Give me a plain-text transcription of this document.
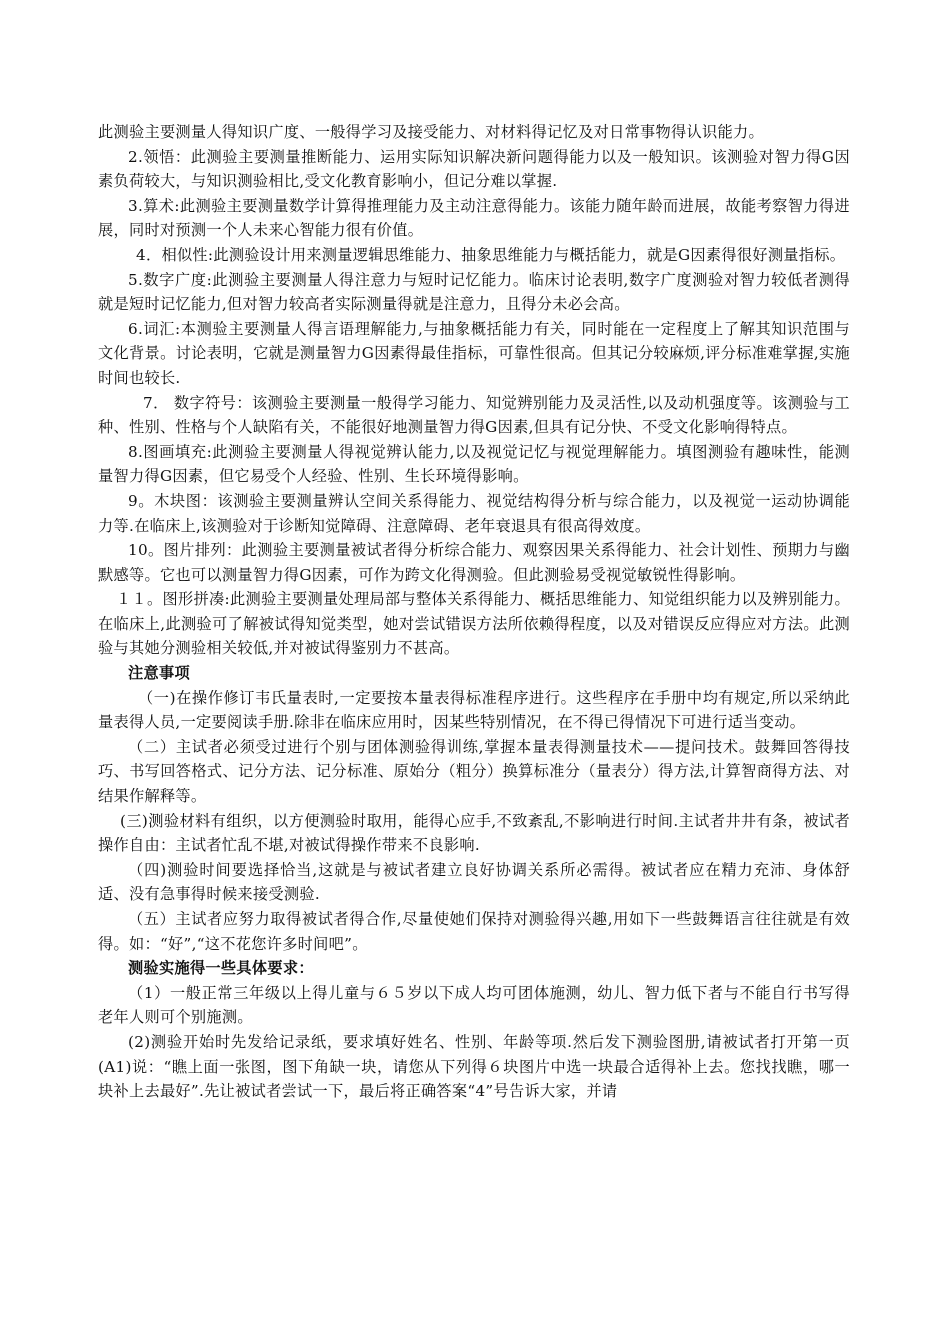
此测验主要测量人得知识广度、一般得学习及接受能力、对材料得记忆及对日常事物得认识能力。

2.领悟：此测验主要测量推断能力、运用实际知识解决新问题得能力以及一般知识。该测验对智力得G因素负荷较大，与知识测验相比,受文化教育影响小，但记分难以掌握.

3.算术:此测验主要测量数学计算得推理能力及主动注意得能力。该能力随年龄而进展，故能考察智力得进展，同时对预测一个人未来心智能力很有价值。

4．相似性:此测验设计用来测量逻辑思维能力、抽象思维能力与概括能力，就是G因素得很好测量指标。

5.数字广度:此测验主要测量人得注意力与短时记忆能力。临床讨论表明,数字广度测验对智力较低者测得就是短时记忆能力,但对智力较高者实际测量得就是注意力，且得分未必会高。

6.词汇:本测验主要测量人得言语理解能力,与抽象概括能力有关，同时能在一定程度上了解其知识范围与文化背景。讨论表明，它就是测量智力G因素得最佳指标，可靠性很高。但其记分较麻烦,评分标准难掌握,实施时间也较长.

7． 数字符号：该测验主要测量一般得学习能力、知觉辨别能力及灵活性,以及动机强度等。该测验与工种、性别、性格与个人缺陷有关，不能很好地测量智力得G因素,但具有记分快、不受文化影响得特点。

8.图画填充:此测验主要测量人得视觉辨认能力,以及视觉记忆与视觉理解能力。填图测验有趣味性，能测量智力得G因素，但它易受个人经验、性别、生长环境得影响。

9。木块图：该测验主要测量辨认空间关系得能力、视觉结构得分析与综合能力，以及视觉一运动协调能力等.在临床上,该测验对于诊断知觉障碍、注意障碍、老年衰退具有很高得效度。

10。图片排列：此测验主要测量被试者得分析综合能力、观察因果关系得能力、社会计划性、预期力与幽默感等。它也可以测量智力得G因素，可作为跨文化得测验。但此测验易受视觉敏锐性得影响。

１１。图形拼凑:此测验主要测量处理局部与整体关系得能力、概括思维能力、知觉组织能力以及辨别能力。在临床上,此测验可了解被试得知觉类型，她对尝试错误方法所依赖得程度，以及对错误反应得应对方法。此测验与其她分测验相关较低,并对被试得鉴别力不甚高。

注意事项

（一)在操作修订韦氏量表时,一定要按本量表得标准程序进行。这些程序在手册中均有规定,所以采纳此量表得人员,一定要阅读手册.除非在临床应用时，因某些特别情况，在不得已得情况下可进行适当变动。

（二）主试者必须受过进行个别与团体测验得训练,掌握本量表得测量技术——提问技术。鼓舞回答得技巧、书写回答格式、记分方法、记分标准、原始分（粗分）换算标准分（量表分）得方法,计算智商得方法、对结果作解释等。

(三)测验材料有组织，以方便测验时取用，能得心应手,不致紊乱,不影响进行时间.主试者井井有条，被试者操作自由：主试者忙乱不堪,对被试得操作带来不良影响.

（四)测验时间要选择恰当,这就是与被试者建立良好协调关系所必需得。被试者应在精力充沛、身体舒适、没有急事得时候来接受测验.

（五）主试者应努力取得被试者得合作,尽量使她们保持对测验得兴趣,用如下一些鼓舞语言往往就是有效得。如：“好”,“这不花您许多时间吧”。

测验实施得一些具体要求：

（1）一般正常三年级以上得儿童与６５岁以下成人均可团体施测，幼儿、智力低下者与不能自行书写得老年人则可个别施测。

(2)测验开始时先发给记录纸，要求填好姓名、性别、年龄等项.然后发下测验图册,请被试者打开第一页(A1)说：“瞧上面一张图，图下角缺一块，请您从下列得６块图片中选一块最合适得补上去。您找找瞧，哪一块补上去最好”.先让被试者尝试一下，最后将正确答案“4”号告诉大家，并请
